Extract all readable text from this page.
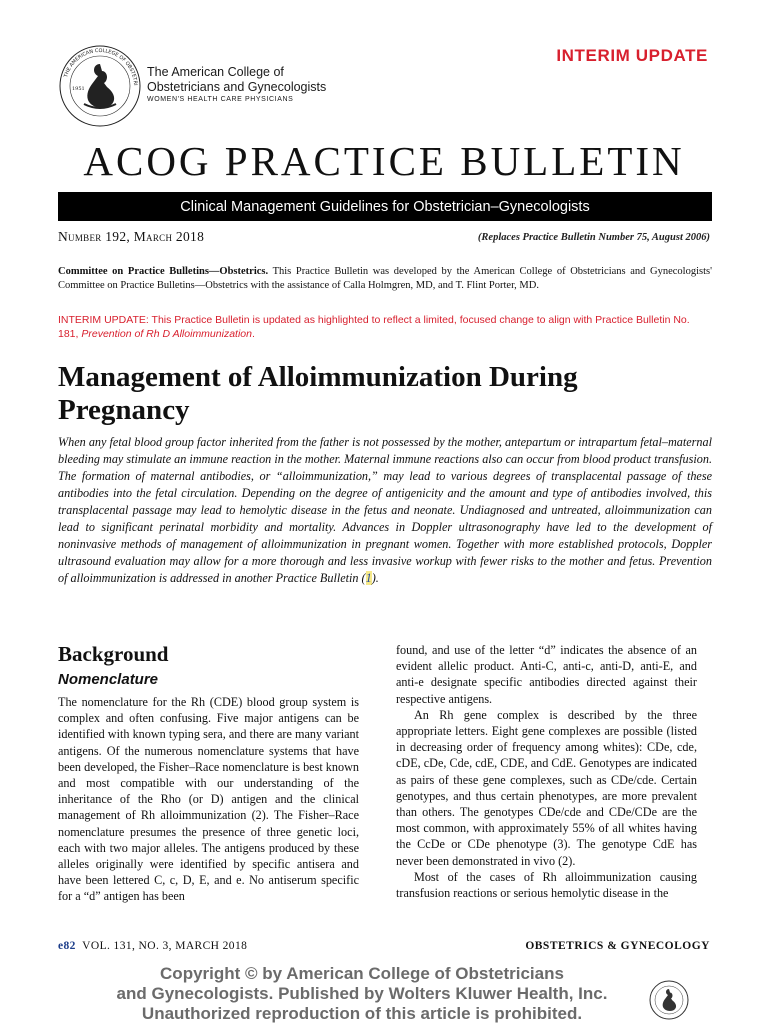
THE AMERICAN COLLEGE OF OBSTETRI
1951
The American College of
Obstetricians and Gynecologists
WOMEN'S HEALTH CARE PHYSICIANS
INTERIM UPDATE
ACOG PRACTICE BULLETIN
Clinical Management Guidelines for Obstetrician–Gynecologists
Number 192, March 2018	(Replaces Practice Bulletin Number 75, August 2006)
Committee on Practice Bulletins—Obstetrics. This Practice Bulletin was developed by the American College of Obstetricians and Gynecologists' Committee on Practice Bulletins—Obstetrics with the assistance of Calla Holmgren, MD, and T. Flint Porter, MD.
INTERIM UPDATE: This Practice Bulletin is updated as highlighted to reflect a limited, focused change to align with Practice Bulletin No. 181, Prevention of Rh D Alloimmunization.
Management of Alloimmunization During Pregnancy
When any fetal blood group factor inherited from the father is not possessed by the mother, antepartum or intrapartum fetal–maternal bleeding may stimulate an immune reaction in the mother. Maternal immune reactions also can occur from blood product transfusion. The formation of maternal antibodies, or “alloimmunization,” may lead to various degrees of transplacental passage of these antibodies into the fetal circulation. Depending on the degree of antigenicity and the amount and type of antibodies involved, this transplacental passage may lead to hemolytic disease in the fetus and neonate. Undiagnosed and untreated, alloimmunization can lead to significant perinatal morbidity and mortality. Advances in Doppler ultrasonography have led to the development of noninvasive methods of management of alloimmunization in pregnant women. Together with more established protocols, Doppler ultrasound evaluation may allow for a more thorough and less invasive workup with fewer risks to the mother and fetus. Prevention of alloimmunization is addressed in another Practice Bulletin (1).
Background
Nomenclature

The nomenclature for the Rh (CDE) blood group system is complex and often confusing. Five major antigens can be identified with known typing sera, and there are many variant antigens. Of the numerous nomenclature systems that have been developed, the Fisher–Race nomenclature is best known and most compatible with our understanding of the inheritance of the Rho (or D) antigen and the clinical management of Rh alloimmunization (2). The Fisher–Race nomenclature presumes the presence of three genetic loci, each with two major alleles. The antigens produced by these alleles originally were identified by specific antisera and have been lettered C, c, D, E, and e. No antiserum specific for a “d” antigen has been

found, and use of the letter “d” indicates the absence of an evident allelic product. Anti-C, anti-c, anti-D, anti-E, and anti-e designate specific antibodies directed against their respective antigens.

An Rh gene complex is described by the three appropriate letters. Eight gene complexes are possible (listed in decreasing order of frequency among whites): CDe, cde, cDE, cDe, Cde, cdE, CDE, and CdE. Genotypes are indicated as pairs of these gene complexes, such as CDe/cde. Certain genotypes, and thus certain phenotypes, are more prevalent than others. The genotypes CDe/cde and CDe/CDe are the most common, with approximately 55% of all whites having the CcDe or CDe phenotype (3). The genotype CdE has never been demonstrated in vivo (2).

Most of the cases of Rh alloimmunization causing transfusion reactions or serious hemolytic disease in the

e82 VOL. 131, NO. 3, MARCH 2018	OBSTETRICS & GYNECOLOGY
Copyright © by American College of Obstetricians
and Gynecologists. Published by Wolters Kluwer Health, Inc.
Unauthorized reproduction of this article is prohibited.
